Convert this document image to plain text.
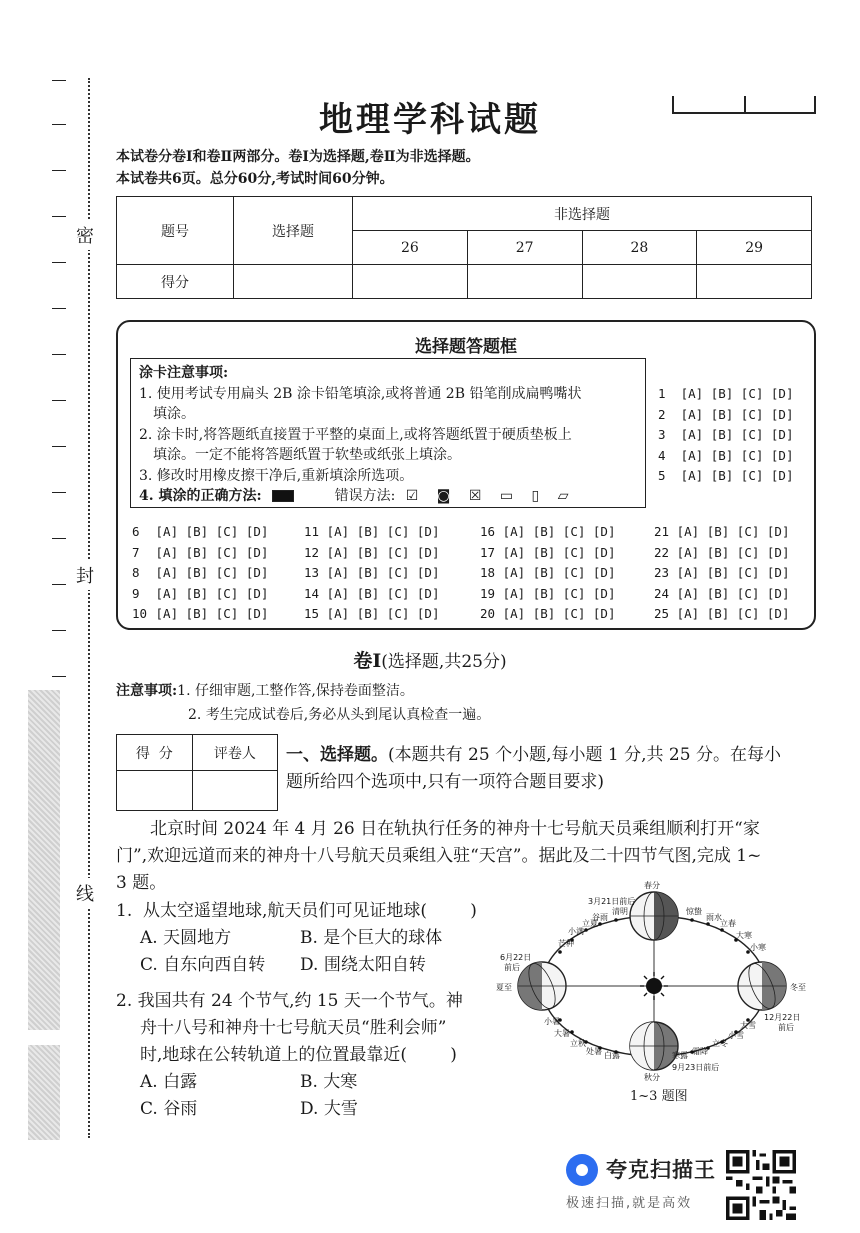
密
封
线
地理学科试题
本试卷分卷Ⅰ和卷Ⅱ两部分。卷Ⅰ为选择题,卷Ⅱ为非选择题。
本试卷共6页。总分60分,考试时间60分钟。
题号	选择题	非选择题			
		26	27	28	29
得分					
选择题答题框
涂卡注意事项:
1. 使用考试专用扁头 2B 涂卡铅笔填涂,或将普通 2B 铅笔削成扁鸭嘴状
填涂。
2. 涂卡时,将答题纸直接置于平整的桌面上,或将答题纸置于硬质垫板上
填涂。一定不能将答题纸置于软垫或纸张上填涂。
3. 修改时用橡皮擦干净后,重新填涂所选项。
4. 填涂的正确方法:	错误方法: ☑ ◙ ☒ ▭ ▯ ▱
1 [A] [B] [C] [D]
2 [A] [B] [C] [D]
3 [A] [B] [C] [D]
4 [A] [B] [C] [D]
5 [A] [B] [C] [D]
6 [A] [B] [C] [D]
7 [A] [B] [C] [D]
8 [A] [B] [C] [D]
9 [A] [B] [C] [D]
10 [A] [B] [C] [D]
11 [A] [B] [C] [D]
12 [A] [B] [C] [D]
13 [A] [B] [C] [D]
14 [A] [B] [C] [D]
15 [A] [B] [C] [D]
16 [A] [B] [C] [D]
17 [A] [B] [C] [D]
18 [A] [B] [C] [D]
19 [A] [B] [C] [D]
20 [A] [B] [C] [D]
21 [A] [B] [C] [D]
22 [A] [B] [C] [D]
23 [A] [B] [C] [D]
24 [A] [B] [C] [D]
25 [A] [B] [C] [D]
卷Ⅰ(选择题,共25分)
注意事项:1. 仔细审题,工整作答,保持卷面整洁。
2. 考生完成试卷后,务必从头到尾认真检查一遍。
得  分	评卷人
	一、选择题。(本题共有 25 个小题,每小题 1 分,共 25 分。在每小
题所给四个选项中,只有一项符合题目要求)
北京时间 2024 年 4 月 26 日在轨执行任务的神舟十七号航天员乘组顺利打开“家
门”,欢迎远道而来的神舟十八号航天员乘组入驻“天宫”。据此及二十四节气图,完成 1~
3 题。
1.  从太空遥望地球,航天员们可见证地球(        )
A. 天圆地方	B. 是个巨大的球体
C. 自东向西自转 D. 围绕太阳自转
2. 我国共有 24 个节气,约 15 天一个节气。神
舟十八号和神舟十七号航天员“胜利会师”
时,地球在公转轨道上的位置最靠近(        )
A. 白露	B. 大寒
C. 谷雨	D. 大雪
春分
3月21日前后
清明
谷雨
立夏
小满
芒种
惊蛰
雨水
立春
大寒
小寒
6月22日
前后
夏至	冬至
12月22日
前后
小暑
大暑
立秋
处暑 白露	寒露 霜降
立冬
小雪
大雪
9月23日前后
秋分
1~3 题图
夸克扫描王
极速扫描,就是高效
